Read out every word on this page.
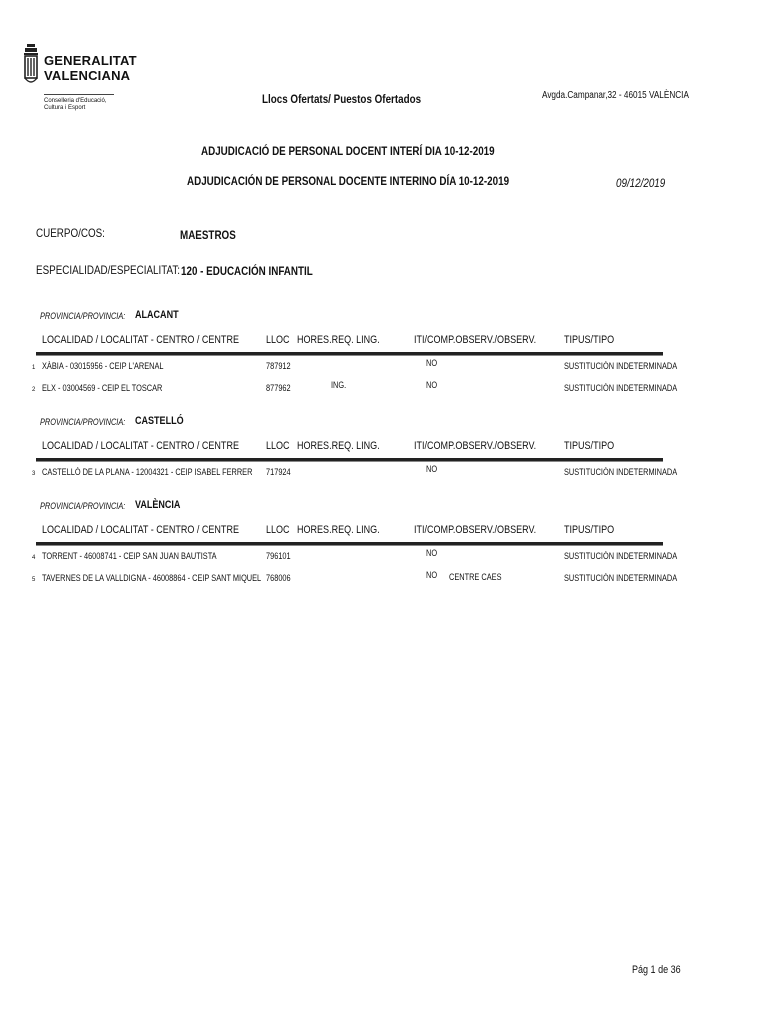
GENERALITAT
VALENCIANA
Conselleria d'Educació,
Cultura i Esport
Llocs Ofertats/ Puestos Ofertados	Avgda.Campanar,32 - 46015 VALÈNCIA
ADJUDICACIÓ DE PERSONAL DOCENT INTERÍ DIA 10-12-2019
ADJUDICACIÓN DE PERSONAL DOCENTE INTERINO DÍA 10-12-2019	09/12/2019
CUERPO/COS:	MAESTROS
ESPECIALIDAD/ESPECIALITAT: 120 - EDUCACIÓN INFANTIL
PROVINCIA/PROVINCIA: ALACANT
LOCALIDAD / LOCALITAT - CENTRO / CENTRE LLOC HORES.REQ. LING.	ITI/COMP.OBSERV./OBSERV.	TIPUS/TIPO
1 XÀBIA - 03015956 - CEIP L'ARENAL	787912	NO	SUSTITUCIÓN INDETERMINADA
2 ELX - 03004569 - CEIP EL TOSCAR	877962	ING.	NO	SUSTITUCIÓN INDETERMINADA
PROVINCIA/PROVINCIA: CASTELLÓ
LOCALIDAD / LOCALITAT - CENTRO / CENTRE LLOC HORES.REQ. LING.	ITI/COMP.OBSERV./OBSERV.	TIPUS/TIPO
3 CASTELLÓ DE LA PLANA - 12004321 - CEIP ISABEL FERRER 717924	NO	SUSTITUCIÓN INDETERMINADA
PROVINCIA/PROVINCIA: VALÈNCIA
LOCALIDAD / LOCALITAT - CENTRO / CENTRE LLOC HORES.REQ. LING.	ITI/COMP.OBSERV./OBSERV.	TIPUS/TIPO
4 TORRENT - 46008741 - CEIP SAN JUAN BAUTISTA	796101	NO	SUSTITUCIÓN INDETERMINADA
5 TAVERNES DE LA VALLDIGNA - 46008864 - CEIP SANT MIQUEL 768006	NO CENTRE CAES	SUSTITUCIÓN INDETERMINADA
Pág 1 de 36
